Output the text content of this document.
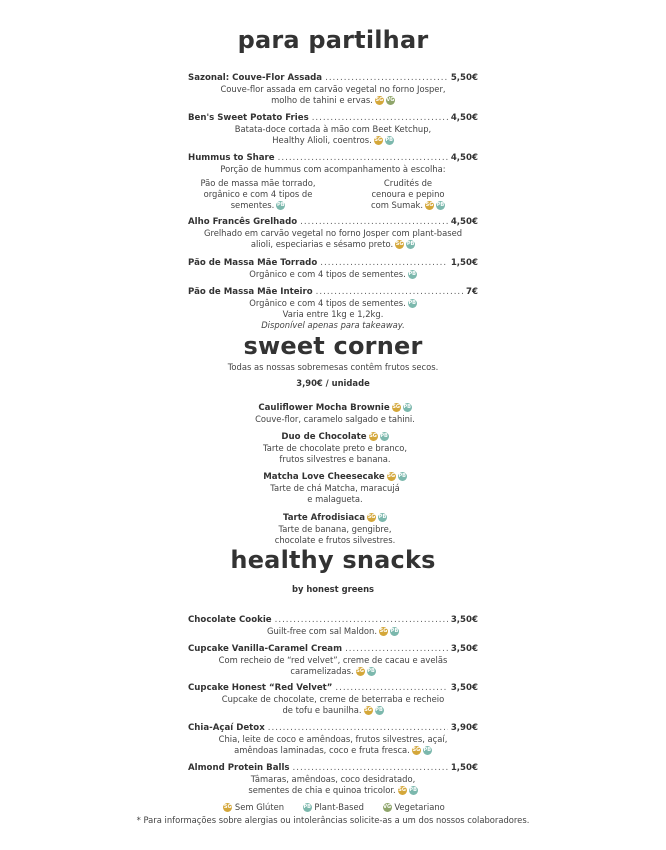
para partilhar
Sazonal: Couve-Flor Assada .....	5,50€
Couve-flor assada em carvão vegetal no forno Josper,
molho de tahini e ervas. SG VG
Ben's Sweet Potato Fries .....	4,50€
Batata-doce cortada à mão com Beet Ketchup,
Healthy Alioli, coentros. SG PB
Hummus to Share .....	4,50€
Porção de hummus com acompanhamento à escolha:
Pão de massa mãe torrado,
orgânico e com 4 tipos de
sementes. PB
Crudités de
cenoura e pepino
com Sumak. SG PB
Alho Francês Grelhado .....	4,50€
Grelhado em carvão vegetal no forno Josper com plant-based
alioli, especiarias e sésamo preto. SG PB
Pão de Massa Mãe Torrado .....	1,50€
Orgânico e com 4 tipos de sementes. PB
Pão de Massa Mãe Inteiro .....	7€
Orgânico e com 4 tipos de sementes. PB
Varia entre 1kg e 1,2kg.
Disponível apenas para takeaway.
sweet corner
Todas as nossas sobremesas contêm frutos secos.
3,90€ / unidade
Cauliflower Mocha Brownie SG PB
Couve-flor, caramelo salgado e tahini.
Duo de Chocolate SG PB
Tarte de chocolate preto e branco,
frutos silvestres e banana.
Matcha Love Cheesecake SG PB
Tarte de chá Matcha, maracujá
e malagueta.
Tarte Afrodisiaca SG PB
Tarte de banana, gengibre,
chocolate e frutos silvestres.
healthy snacks
by honest greens
Chocolate Cookie .....	3,50€
Guilt-free com sal Maldon. SG PB
Cupcake Vanilla-Caramel Cream .....	3,50€
Com recheio de “red velvet”, creme de cacau e avelãs
caramelizadas. SG PB
Cupcake Honest “Red Velvet” .....	3,50€
Cupcake de chocolate, creme de beterraba e recheio
de tofu e baunilha. SG PB
Chia-Açaí Detox .....	3,90€
Chia, leite de coco e amêndoas, frutos silvestres, açaí,
amêndoas laminadas, coco e fruta fresca. SG PB
Almond Protein Balls .....	1,50€
Tâmaras, amêndoas, coco desidratado,
sementes de chia e quinoa tricolor. SG PB
SG Sem Glúten	PB Plant-Based	VG Vegetariano
* Para informações sobre alergias ou intolerâncias solicite-as a um dos nossos colaboradores.
